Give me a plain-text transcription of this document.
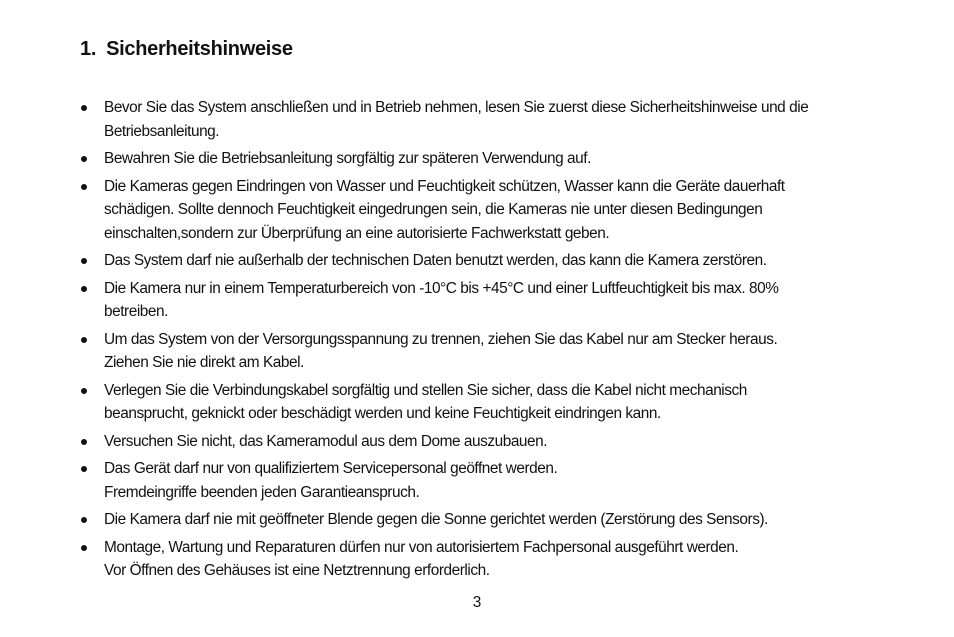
1. Sicherheitshinweise
Bevor Sie das System anschließen und in Betrieb nehmen, lesen Sie zuerst diese Sicherheitshinweise und die
Betriebsanleitung.
Bewahren Sie die Betriebsanleitung sorgfältig zur späteren Verwendung auf.
Die Kameras gegen Eindringen von Wasser und Feuchtigkeit schützen, Wasser kann die Geräte dauerhaft
schädigen. Sollte dennoch Feuchtigkeit eingedrungen sein, die Kameras nie unter diesen Bedingungen
einschalten,sondern zur Überprüfung an eine autorisierte Fachwerkstatt geben.
Das System darf nie außerhalb der technischen Daten benutzt werden, das kann die Kamera zerstören.
Die Kamera nur in einem Temperaturbereich von -10°C bis +45°C und einer Luftfeuchtigkeit bis max. 80%
betreiben.
Um das System von der Versorgungsspannung zu trennen, ziehen Sie das Kabel nur am Stecker heraus.
Ziehen Sie nie direkt am Kabel.
Verlegen Sie die Verbindungskabel sorgfältig und stellen Sie sicher, dass die Kabel nicht mechanisch
beansprucht, geknickt oder beschädigt werden und keine Feuchtigkeit eindringen kann.
Versuchen Sie nicht, das Kameramodul aus dem Dome auszubauen.
Das Gerät darf nur von qualifiziertem Servicepersonal geöffnet werden.
Fremdeingriffe beenden jeden Garantieanspruch.
Die Kamera darf nie mit geöffneter Blende gegen die Sonne gerichtet werden (Zerstörung des Sensors).
Montage, Wartung und Reparaturen dürfen nur von autorisiertem Fachpersonal ausgeführt werden.
Vor Öffnen des Gehäuses ist eine Netztrennung erforderlich.
3
